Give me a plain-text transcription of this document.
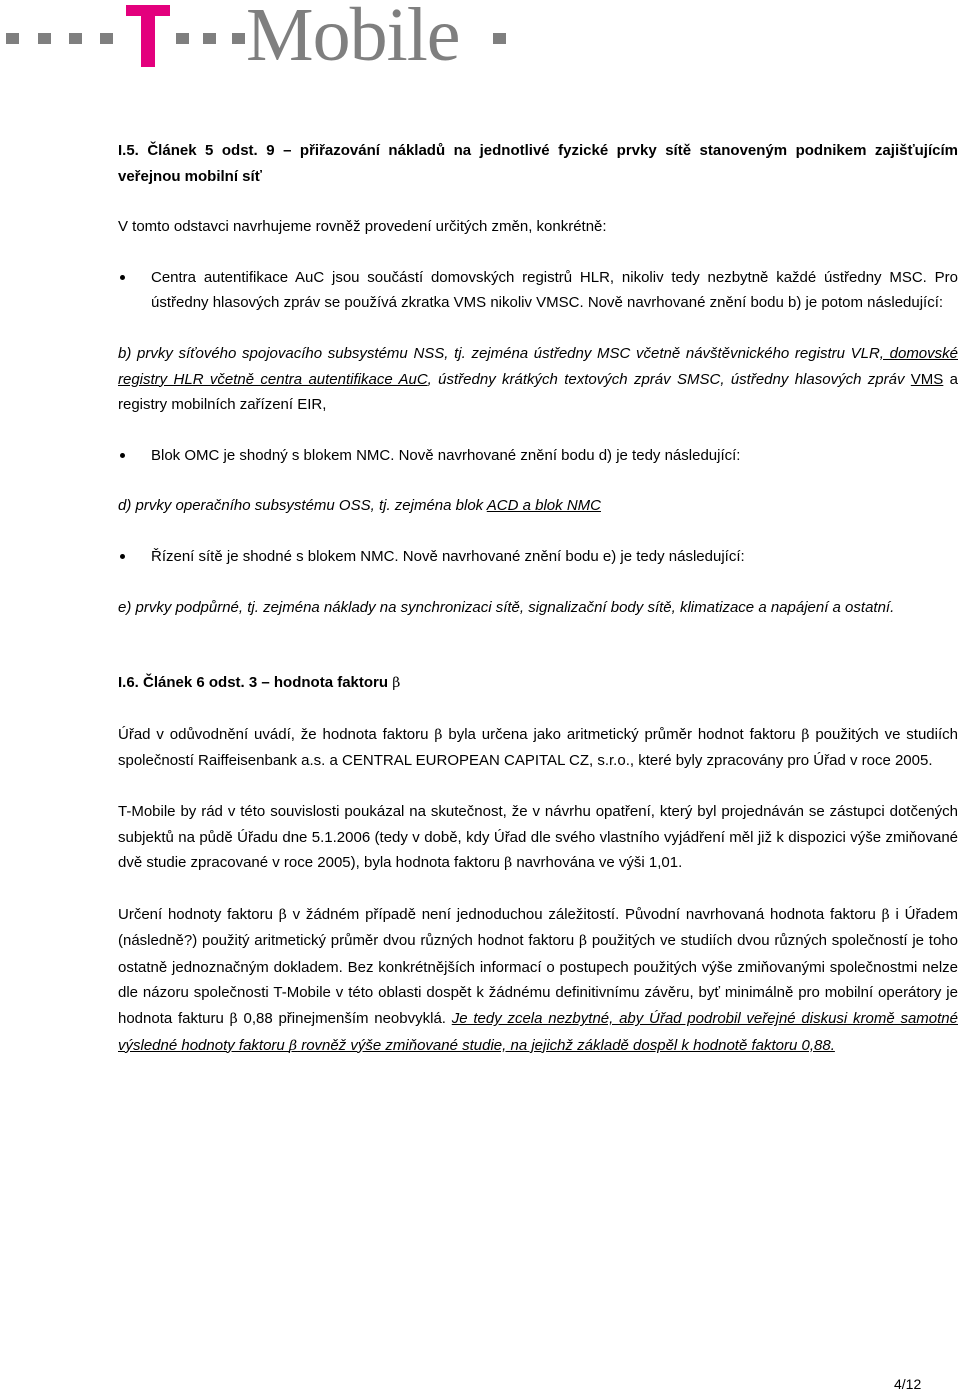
Mobile

I.5. Článek 5 odst. 9 – přiřazování nákladů na jednotlivé fyzické prvky sítě stanoveným podnikem zajišťujícím veřejnou mobilní síť

V tomto odstavci navrhujeme rovněž provedení určitých změn, konkrétně:

Centra autentifikace AuC jsou součástí domovských registrů HLR, nikoliv tedy nezbytně každé ústředny MSC. Pro ústředny hlasových zpráv se používá zkratka VMS nikoliv VMSC. Nově navrhované znění bodu b) je potom následující:

b) prvky síťového spojovacího subsystému NSS, tj. zejména ústředny MSC včetně návštěvnického registru VLR, domovské registry HLR včetně centra autentifikace AuC, ústředny krátkých textových zpráv SMSC, ústředny hlasových zpráv VMS a registry mobilních zařízení EIR,

Blok OMC je shodný s blokem NMC. Nově navrhované znění bodu d) je tedy následující:

d) prvky operačního subsystému OSS, tj. zejména blok ACD a blok NMC

Řízení sítě je shodné s blokem NMC. Nově navrhované znění bodu e) je tedy následující:

e) prvky podpůrné, tj. zejména náklady na synchronizaci sítě, signalizační body sítě, klimatizace a napájení a ostatní.

I.6. Článek 6 odst. 3 – hodnota faktoru β

Úřad v odůvodnění uvádí, že hodnota faktoru β byla určena jako aritmetický průměr hodnot faktoru β použitých ve studiích společností Raiffeisenbank a.s. a CENTRAL EUROPEAN CAPITAL CZ, s.r.o., které byly zpracovány pro Úřad v roce 2005.

T-Mobile by rád v této souvislosti poukázal na skutečnost, že v návrhu opatření, který byl projednáván se zástupci dotčených subjektů na půdě Úřadu dne 5.1.2006 (tedy v době, kdy Úřad dle svého vlastního vyjádření měl již k dispozici výše zmiňované dvě studie zpracované v roce 2005), byla hodnota faktoru β navrhována ve výši 1,01.

Určení hodnoty faktoru β v žádném případě není jednoduchou záležitostí. Původní navrhovaná hodnota faktoru β i Úřadem (následně?) použitý aritmetický průměr dvou různých hodnot faktoru β použitých ve studiích dvou různých společností je toho ostatně jednoznačným dokladem. Bez konkrétnějších informací o postupech použitých výše zmiňovanými společnostmi nelze dle názoru společnosti T-Mobile v této oblasti dospět k žádnému definitivnímu závěru, byť minimálně pro mobilní operátory je hodnota fakturu β 0,88 přinejmenším neobvyklá. Je tedy zcela nezbytné, aby Úřad podrobil veřejné diskusi kromě samotné výsledné hodnoty faktoru β rovněž výše zmiňované studie, na jejichž základě dospěl k hodnotě faktoru 0,88.

4/12
